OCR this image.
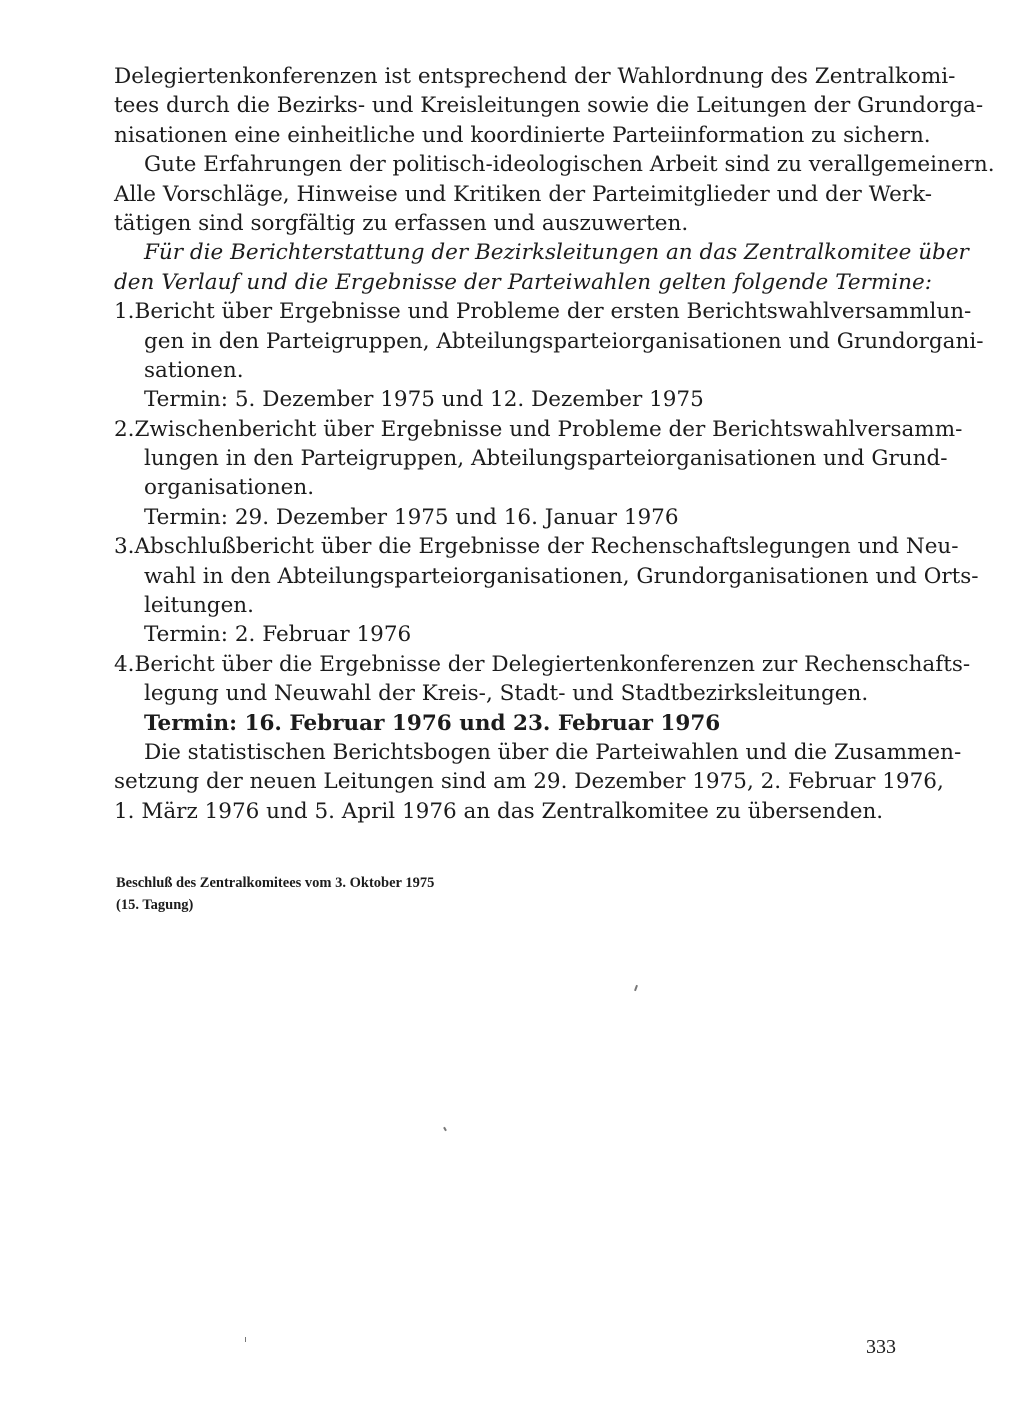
Delegiertenkonferenzen ist entsprechend der Wahlordnung des Zentralkomi-
tees durch die Bezirks- und Kreisleitungen sowie die Leitungen der Grundorga-
nisationen eine einheitliche und koordinierte Parteiinformation zu sichern.
Gute Erfahrungen der politisch-ideologischen Arbeit sind zu verallgemeinern.
Alle Vorschläge, Hinweise und Kritiken der Parteimitglieder und der Werk-
tätigen sind sorgfältig zu erfassen und auszuwerten.
Für die Berichterstattung der Bezirksleitungen an das Zentralkomitee über
den Verlauf und die Ergebnisse der Parteiwahlen gelten folgende Termine:
1. Bericht über Ergebnisse und Probleme der ersten Berichtswahlversammlun-
gen in den Parteigruppen, Abteilungsparteiorganisationen und Grundorgani-
sationen.
Termin: 5. Dezember 1975 und 12. Dezember 1975
2. Zwischenbericht über Ergebnisse und Probleme der Berichtswahlversamm-
lungen in den Parteigruppen, Abteilungsparteiorganisationen und Grund-
organisationen.
Termin: 29. Dezember 1975 und 16. Januar 1976
3. Abschlußbericht über die Ergebnisse der Rechenschaftslegungen und Neu-
wahl in den Abteilungsparteiorganisationen, Grundorganisationen und Orts-
leitungen.
Termin: 2. Februar 1976
4. Bericht über die Ergebnisse der Delegiertenkonferenzen zur Rechenschafts-
legung und Neuwahl der Kreis-, Stadt- und Stadtbezirksleitungen.
Termin: 16. Februar 1976 und 23. Februar 1976
Die statistischen Berichtsbogen über die Parteiwahlen und die Zusammen-
setzung der neuen Leitungen sind am 29. Dezember 1975, 2. Februar 1976,
1. März 1976 und 5. April 1976 an das Zentralkomitee zu übersenden.
Beschluß des Zentralkomitees vom 3. Oktober 1975
(15. Tagung)
333
